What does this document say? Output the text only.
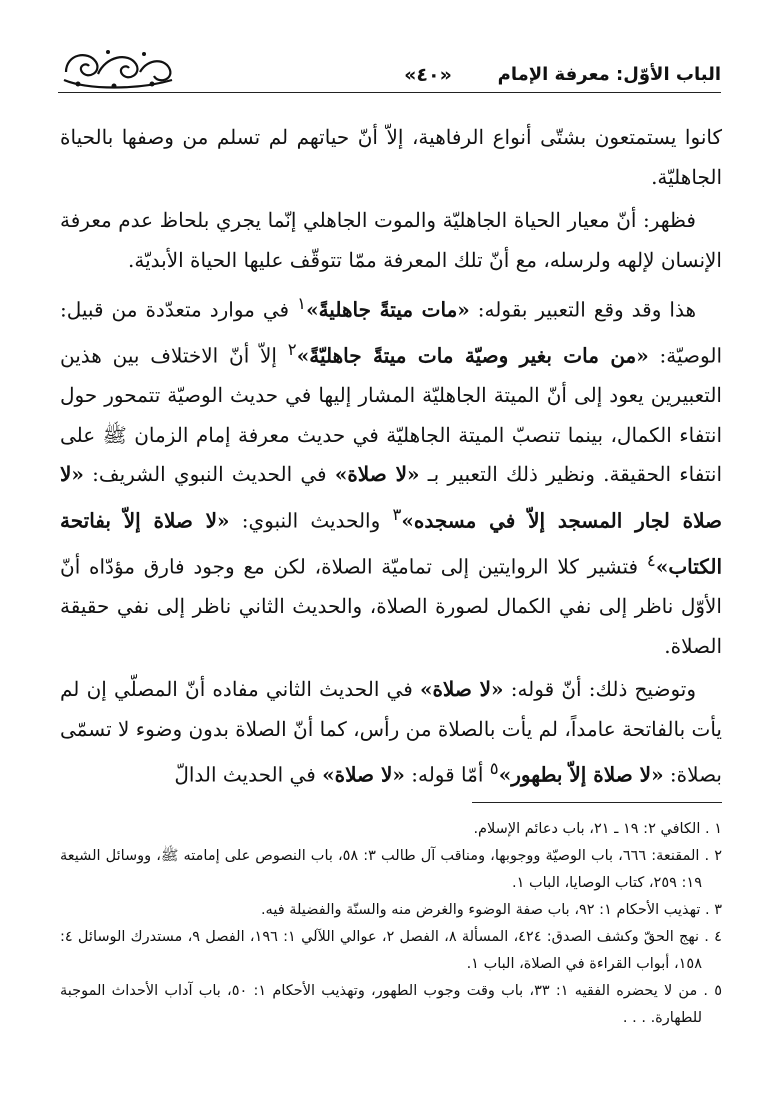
«٤٠»	الباب الأوّل: معرفة الإمام

كانوا يستمتعون بشتّى أنواع الرفاهية، إلاّ أنّ حياتهم لم تسلم من وصفها بالحياة الجاهليّة.

فظهر: أنّ معيار الحياة الجاهليّة والموت الجاهلي إنّما يجري بلحاظ عدم معرفة الإنسان لإلهه ولرسله، مع أنّ تلك المعرفة ممّا تتوقّف عليها الحياة الأبديّة.

هذا وقد وقع التعبير بقوله: «مات ميتةً جاهليةً»$^١$ في موارد متعدّدة من قبيل: الوصيّة: «من مات بغير وصيّة مات ميتةً جاهليّةً»$^٢$ إلاّ أنّ الاختلاف بين هذين التعبيرين يعود إلى أنّ الميتة الجاهليّة المشار إليها في حديث الوصيّة تتمحور حول انتفاء الكمال، بينما تنصبّ الميتة الجاهليّة في حديث معرفة إمام الزمان ﷺ على انتفاء الحقيقة. ونظير ذلك التعبير بـ «لا صلاة» في الحديث النبوي الشريف: «لا صلاة لجار المسجد إلاّ في مسجده»$^٣$ والحديث النبوي: «لا صلاة إلاّ بفاتحة الكتاب»$^٤$ فتشير كلا الروايتين إلى تماميّة الصلاة، لكن مع وجود فارق مؤدّاه أنّ الأوّل ناظر إلى نفي الكمال لصورة الصلاة، والحديث الثاني ناظر إلى نفي حقيقة الصلاة.

وتوضيح ذلك: أنّ قوله: «لا صلاة» في الحديث الثاني مفاده أنّ المصلّي إن لم يأت بالفاتحة عامداً، لم يأت بالصلاة من رأس، كما أنّ الصلاة بدون وضوء لا تسمّى بصلاة: «لا صلاة إلاّ بطهور»$^٥$ أمّا قوله: «لا صلاة» في الحديث الدالّ

١ . الكافي ٢: ١٩ ـ ٢١، باب دعائم الإسلام.

٢ . المقنعة: ٦٦٦، باب الوصيّة ووجوبها، ومناقب آل طالب ٣: ٥٨، باب النصوص على إمامته ﷺ، ووسائل الشيعة ١٩: ٢٥٩، كتاب الوصايا، الباب ١.

٣ . تهذيب الأحكام ١: ٩٢، باب صفة الوضوء والغرض منه والسنّة والفضيلة فيه.

٤ . نهج الحقّ وكشف الصدق: ٤٢٤، المسألة ٨، الفصل ٢، عوالي اللآلي ١: ١٩٦، الفصل ٩، مستدرك الوسائل ٤: ١٥٨، أبواب القراءة في الصلاة، الباب ١.

٥ . من لا يحضره الفقيه ١: ٣٣، باب وقت وجوب الطهور، وتهذيب الأحكام ١: ٥٠، باب آداب الأحداث الموجبة للطهارة. . . .
